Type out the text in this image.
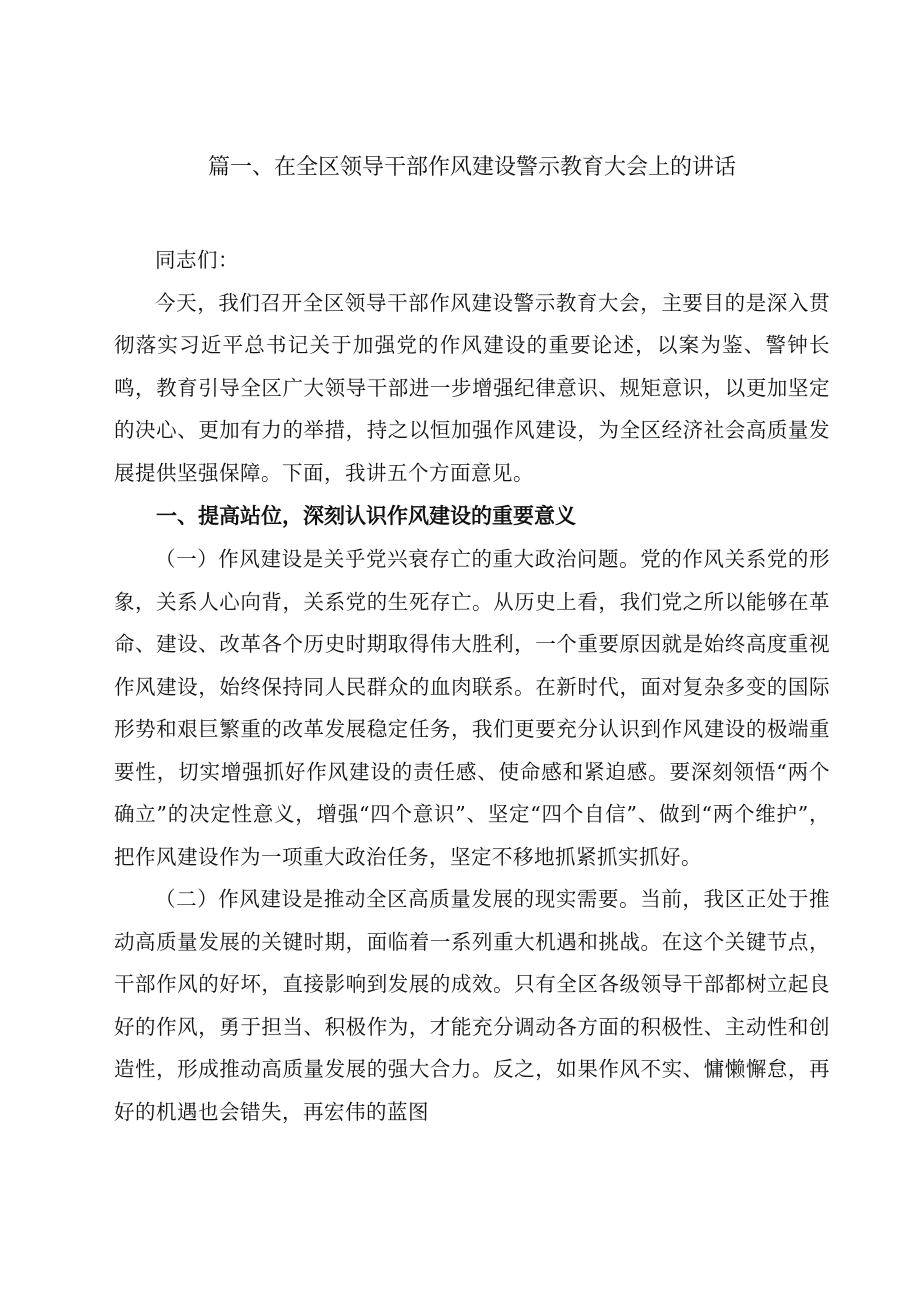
篇一、在全区领导干部作风建设警示教育大会上的讲话

同志们：

今天，我们召开全区领导干部作风建设警示教育大会，主要目的是深入贯彻落实习近平总书记关于加强党的作风建设的重要论述，以案为鉴、警钟长鸣，教育引导全区广大领导干部进一步增强纪律意识、规矩意识，以更加坚定的决心、更加有力的举措，持之以恒加强作风建设，为全区经济社会高质量发展提供坚强保障。下面，我讲五个方面意见。

一、提高站位，深刻认识作风建设的重要意义

（一）作风建设是关乎党兴衰存亡的重大政治问题。党的作风关系党的形象，关系人心向背，关系党的生死存亡。从历史上看，我们党之所以能够在革命、建设、改革各个历史时期取得伟大胜利，一个重要原因就是始终高度重视作风建设，始终保持同人民群众的血肉联系。在新时代，面对复杂多变的国际形势和艰巨繁重的改革发展稳定任务，我们更要充分认识到作风建设的极端重要性，切实增强抓好作风建设的责任感、使命感和紧迫感。要深刻领悟“两个确立”的决定性意义，增强“四个意识”、坚定“四个自信”、做到“两个维护”，把作风建设作为一项重大政治任务，坚定不移地抓紧抓实抓好。

（二）作风建设是推动全区高质量发展的现实需要。当前，我区正处于推动高质量发展的关键时期，面临着一系列重大机遇和挑战。在这个关键节点，干部作风的好坏，直接影响到发展的成效。只有全区各级领导干部都树立起良好的作风，勇于担当、积极作为，才能充分调动各方面的积极性、主动性和创造性，形成推动高质量发展的强大合力。反之，如果作风不实、慵懒懈怠，再好的机遇也会错失，再宏伟的蓝图
